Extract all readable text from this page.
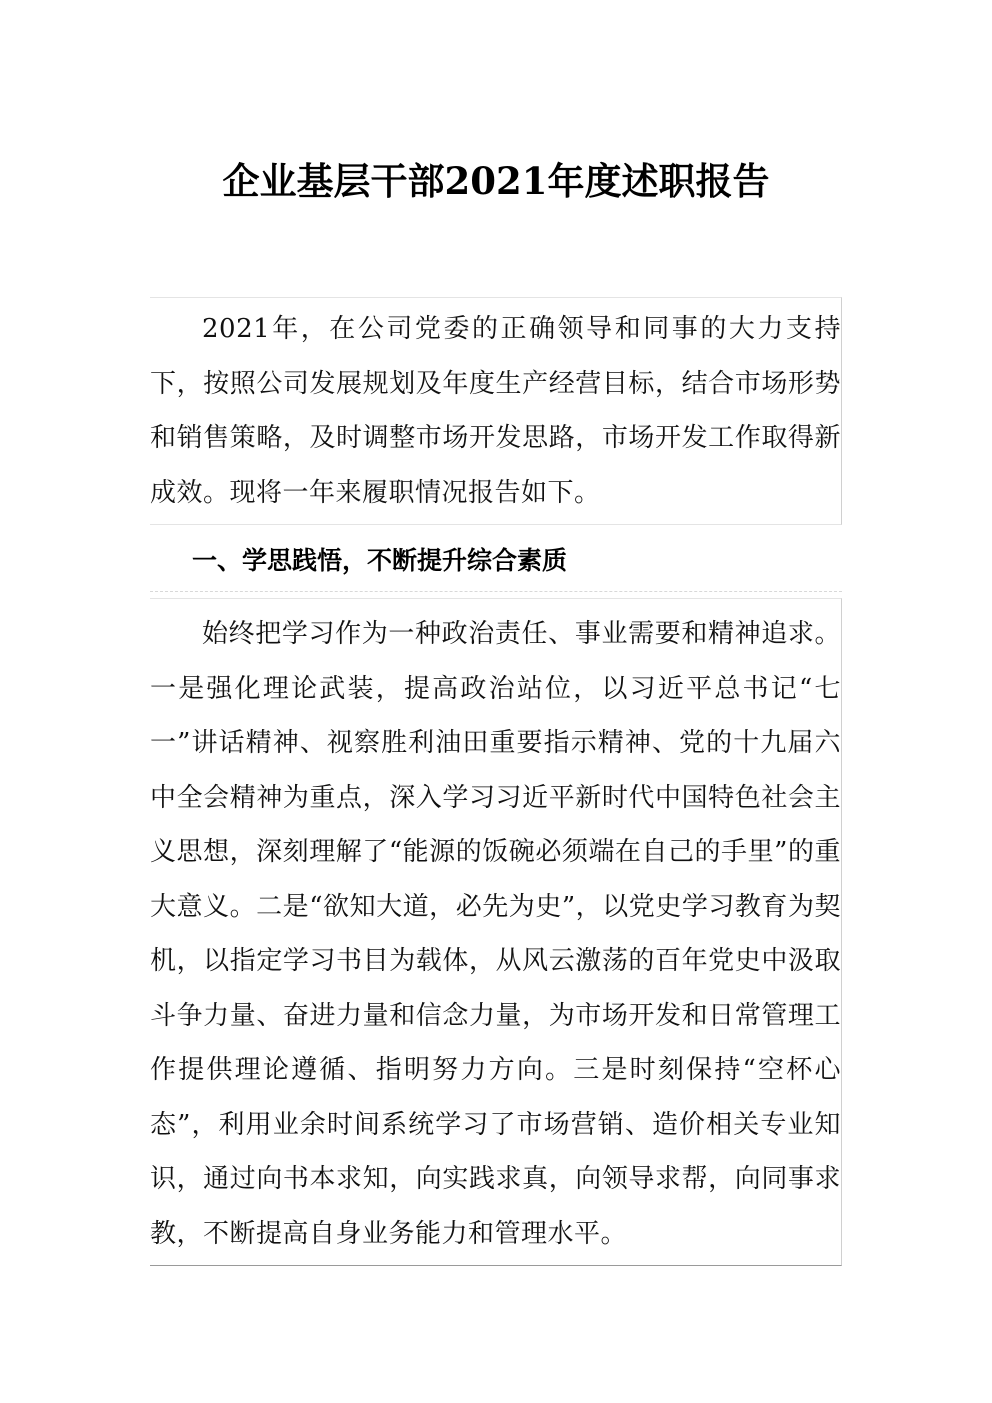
企业基层干部2021年度述职报告

2021年，在公司党委的正确领导和同事的大力支持下，按照公司发展规划及年度生产经营目标，结合市场形势和销售策略，及时调整市场开发思路，市场开发工作取得新成效。现将一年来履职情况报告如下。

一、学思践悟，不断提升综合素质

始终把学习作为一种政治责任、事业需要和精神追求。一是强化理论武装，提高政治站位，以习近平总书记“七一”讲话精神、视察胜利油田重要指示精神、党的十九届六中全会精神为重点，深入学习习近平新时代中国特色社会主义思想，深刻理解了“能源的饭碗必须端在自己的手里”的重大意义。二是“欲知大道，必先为史”，以党史学习教育为契机，以指定学习书目为载体，从风云激荡的百年党史中汲取斗争力量、奋进力量和信念力量，为市场开发和日常管理工作提供理论遵循、指明努力方向。三是时刻保持“空杯心态”，利用业余时间系统学习了市场营销、造价相关专业知识，通过向书本求知，向实践求真，向领导求帮，向同事求教，不断提高自身业务能力和管理水平。
